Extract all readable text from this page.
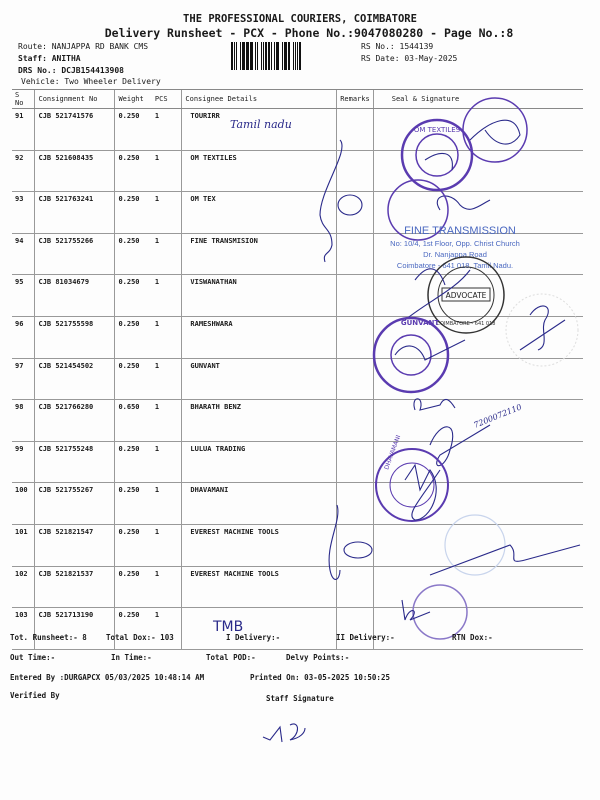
THE PROFESSIONAL COURIERS, COIMBATORE
Delivery Runsheet - PCX - Phone No.:9047080280 - Page No.:8
Route: NANJAPPA RD BANK CMS
Staff: ANITHA
DRS No.: DCJB154413908
Vehicle: Two Wheeler Delivery
RS No.: 1544139
RS Date: 03-May-2025
S No	Consignment No	Weight	PCS	Consignee Details	Remarks	Seal & Signature
91	CJB 521741576	0.250	1	TOURIRR		
92	CJB 521608435	0.250	1	OM TEXTILES		
93	CJB 521763241	0.250	1	OM TEX		
94	CJB 521755266	0.250	1	FINE TRANSMISION		
95	CJB 81034679	0.250	1	VISWANATHAN		
96	CJB 521755598	0.250	1	RAMESHWARA		
97	CJB 521454502	0.250	1	GUNVANT		
98	CJB 521766280	0.650	1	BHARATH BENZ		
99	CJB 521755248	0.250	1	LULUA TRADING		
100	CJB 521755267	0.250	1	DHAVAMANI		
101	CJB 521821547	0.250	1	EVEREST MACHINE TOOLS		
102	CJB 521821537	0.250	1	EVEREST MACHINE TOOLS		
103	CJB 521713190	0.250	1			
Tamil nadu	OM TEXTILES
FINE TRANSMISSION
No: 10/4, 1st Floor, Opp. Christ Church
Dr. Nanjappa Road
Coimbatore - 641 018, Tamil Nadu.
ADVOCATE
COIMBATORE - 641 018
GUNVANT
7200072110
DHAVAMANI
TMB
Tot. Runsheet:- 8	Total Dox:- 103	I Delivery:-	II Delivery:-	RTN Dox:-
Out Time:-	In Time:-	Total POD:-	Delvy Points:-
Entered By :DURGAPCX 05/03/2025 10:48:14 AM	Printed On: 03-05-2025 10:50:25
Verified By	Staff Signature
